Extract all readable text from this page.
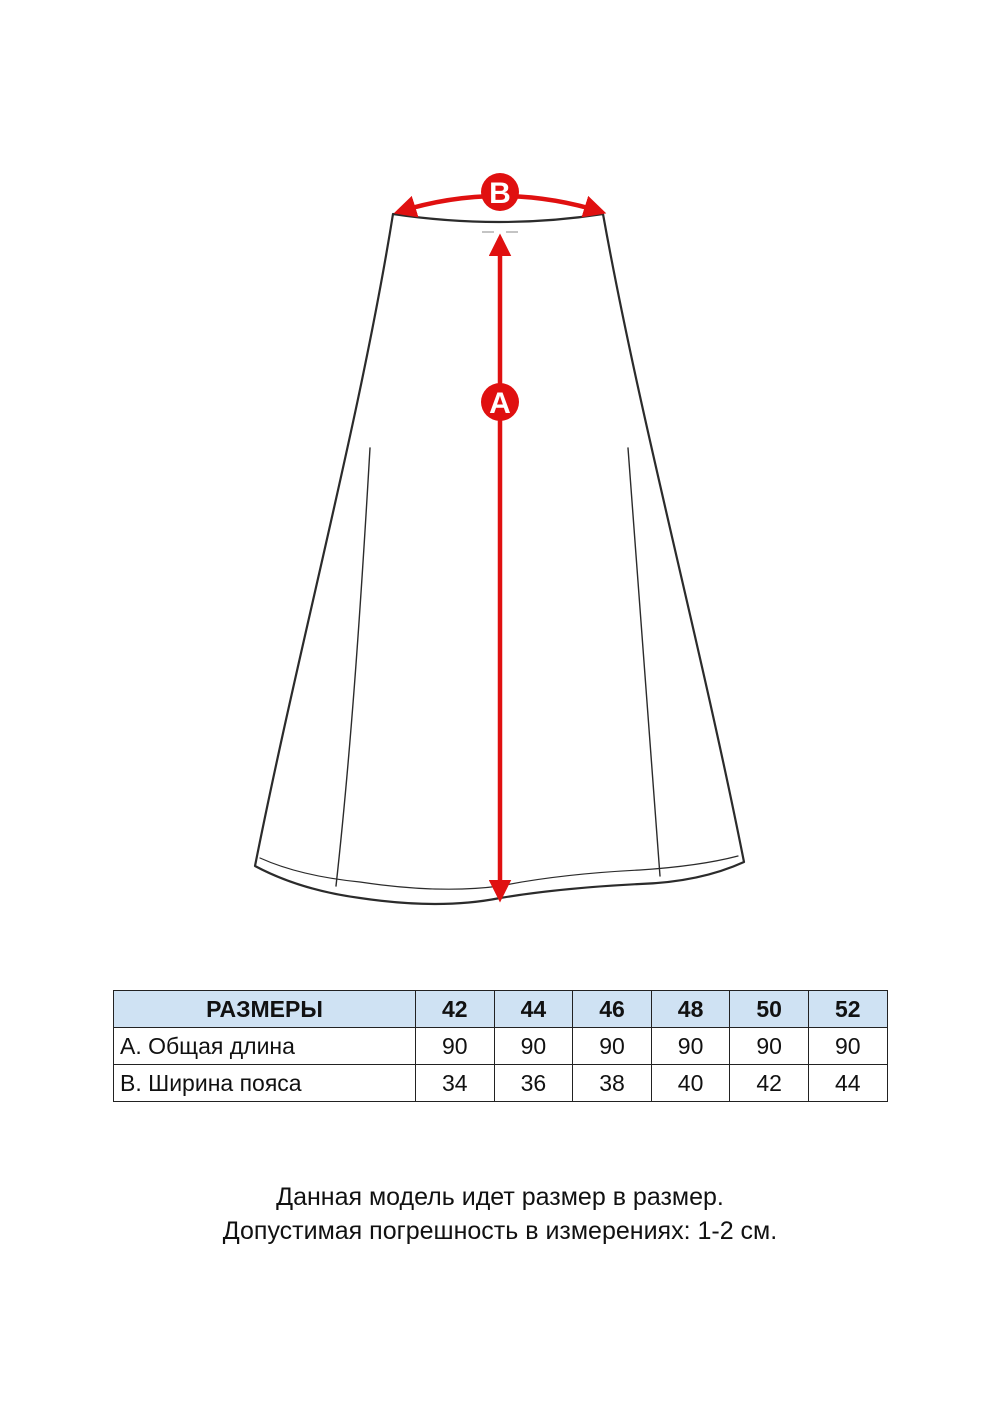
B
A
РАЗМЕРЫ	42	44	46	48	50	52
A. Общая длина	90	90	90	90	90	90
B. Ширина пояса	34	36	38	40	42	44

Данная модель идет размер в размер.

Допустимая погрешность в измерениях: 1-2 см.
